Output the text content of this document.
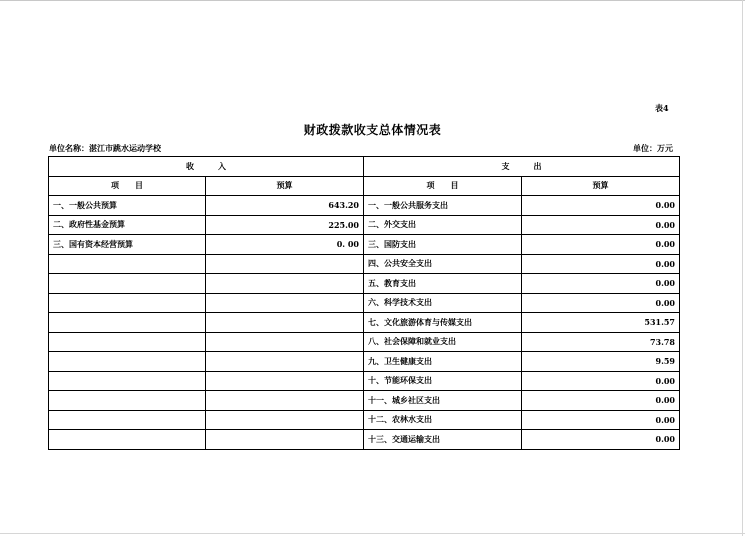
表4
财政拨款收支总体情况表
单位名称：湛江市跳水运动学校	单位：万元
收　　　入		支　　　出	
项　　目	预算	项　　目	预算
一、一般公共预算	643.20	一、一般公共服务支出	0.00
二、政府性基金预算	225.00	二、外交支出	0.00
三、国有资本经营预算	0. 00	三、国防支出	0.00
		四、公共安全支出	0.00
		五、教育支出	0.00
		六、科学技术支出	0.00
		七、文化旅游体育与传媒支出	531.57
		八、社会保障和就业支出	73.78
		九、卫生健康支出	9.59
		十、节能环保支出	0.00
		十一、城乡社区支出	0.00
		十二、农林水支出	0.00
		十三、交通运输支出	0.00
